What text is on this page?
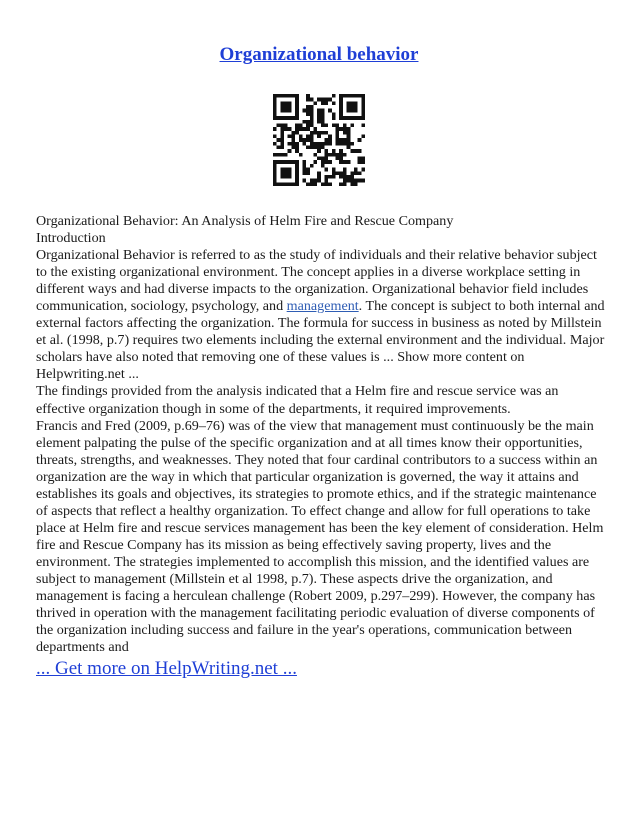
Organizational behavior

Organizational Behavior: An Analysis of Helm Fire and Rescue Company

Introduction

Organizational Behavior is referred to as the study of individuals and their relative behavior subject to the existing organizational environment. The concept applies in a diverse workplace setting in different ways and had diverse impacts to the organization. Organizational behavior field includes communication, sociology, psychology, and management. The concept is subject to both internal and external factors affecting the organization. The formula for success in business as noted by Millstein et al. (1998, p.7) requires two elements including the external environment and the individual. Major scholars have also noted that removing one of these values is ... Show more content on Helpwriting.net ...

The findings provided from the analysis indicated that a Helm fire and rescue service was an effective organization though in some of the departments, it required improvements.

Francis and Fred (2009, p.69–76) was of the view that management must continuously be the main element palpating the pulse of the specific organization and at all times know their opportunities, threats, strengths, and weaknesses. They noted that four cardinal contributors to a success within an organization are the way in which that particular organization is governed, the way it attains and establishes its goals and objectives, its strategies to promote ethics, and if the strategic maintenance of aspects that reflect a healthy organization. To effect change and allow for full operations to take place at Helm fire and rescue services management has been the key element of consideration. Helm fire and Rescue Company has its mission as being effectively saving property, lives and the environment. The strategies implemented to accomplish this mission, and the identified values are subject to management (Millstein et al 1998, p.7). These aspects drive the organization, and management is facing a herculean challenge (Robert 2009, p.297–299). However, the company has thrived in operation with the management facilitating periodic evaluation of diverse components of the organization including success and failure in the year's operations, communication between departments and

... Get more on HelpWriting.net ...
